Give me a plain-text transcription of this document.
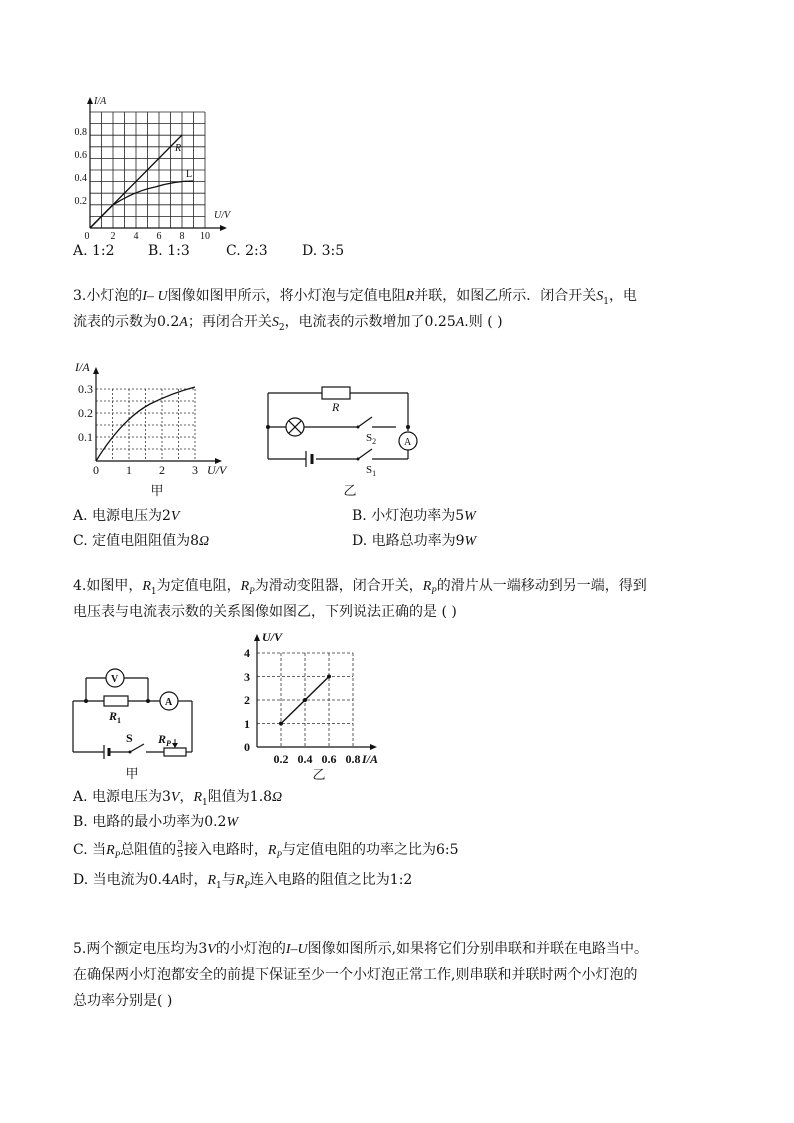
R
L
I/A
U/V
0.8
0.6
0.4
0.2
0 2 4 6 8 10
A. 1:2 B. 1:3	C. 2:3 D. 3:5
3.小灯泡的I– U图像如图甲所示，将小灯泡与定值电阻R并联，如图乙所示．闭合开关$S_1$，电
流表的示数为0.2A；再闭合开关$S_2$，电流表的示数增加了0.25A.则 ( )
I/A
U/V
0.3
0.2
0.1
0 1 2 3
甲
R
A
$S_2$
$S_1$
乙
A. 电源电压为2V	B. 小灯泡功率为5W
C. 定值电阻阻值为8Ω	D. 电路总功率为9W
4.如图甲，$R_1$为定值电阻，$R_P$为滑动变阻器，闭合开关，$R_P$的滑片从一端移动到另一端，得到
电压表与电流表示数的关系图像如图乙，下列说法正确的是 ( )
V
A
$R_1$
S $R_P$
甲
U/V
I/A
4
3
2
1
0
0.2 0.4 0.6 0.8
乙
A. 电源电压为3V，$R_1$阻值为1.8Ω
B. 电路的最小功率为0.2W
C. 当$R_P$总阻值的 $\frac{3}{5}$ 接入电路时，$R_P$与定值电阻的功率之比为6:5
D. 当电流为0.4A时，$R_1$与$R_P$连入电路的阻值之比为1:2
5.两个额定电压均为3V的小灯泡的I–U图像如图所示,如果将它们分别串联和并联在电路当中。
在确保两小灯泡都安全的前提下保证至少一个小灯泡正常工作,则串联和并联时两个小灯泡的
总功率分别是( )
